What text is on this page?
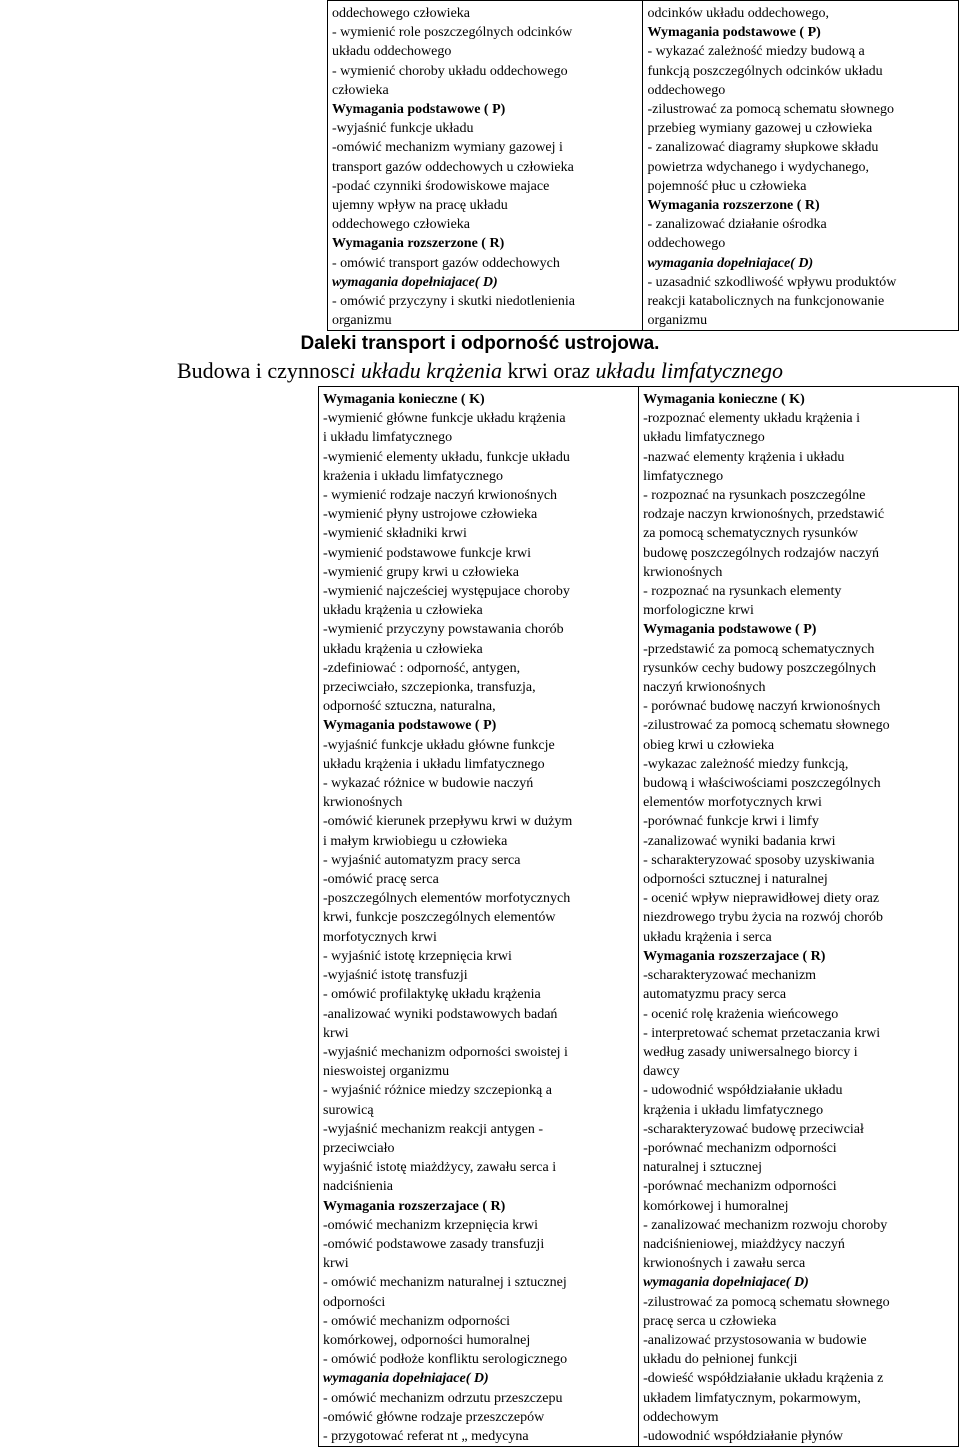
oddechowego człowieka
- wymienić role poszczególnych odcinków
układu oddechowego
- wymienić choroby układu oddechowego
człowieka
Wymagania podstawowe ( P)
-wyjaśnić funkcje układu
-omówić mechanizm wymiany gazowej i
transport gazów oddechowych u człowieka
-podać czynniki środowiskowe majace
ujemny wpływ na pracę układu
oddechowego człowieka
Wymagania rozszerzone ( R)
- omówić transport gazów oddechowych
wymagania dopełniajace( D)
- omówić przyczyny i skutki niedotlenienia
organizmu

odcinków układu oddechowego,
Wymagania podstawowe ( P)
- wykazać zależność miedzy budową a
funkcją poszczególnych odcinków układu
oddechowego
-zilustrować za pomocą schematu słownego
przebieg wymiany gazowej u człowieka
- zanalizować diagramy słupkowe składu
powietrza wdychanego i wydychanego,
pojemność płuc u człowieka
Wymagania rozszerzone ( R)
- zanalizować działanie ośrodka
oddechowego
wymagania dopełniajace( D)
- uzasadnić szkodliwość wpływu produktów
reakcji katabolicznych na funkcjonowanie
organizmu
Daleki transport i odporność ustrojowa.
Budowa i czynnosci układu krążenia krwi oraz układu limfatycznego
Wymagania konieczne ( K)
-wymienić główne funkcje układu krążenia
i układu limfatycznego
-wymienić elementy układu, funkcje układu
krażenia i układu limfatycznego
- wymienić rodzaje naczyń krwionośnych
-wymienić płyny ustrojowe człowieka
-wymienić składniki krwi
-wymienić podstawowe funkcje krwi
-wymienić grupy krwi u człowieka
-wymienić najcześciej występujace choroby
układu krążenia u człowieka
-wymienić przyczyny powstawania chorób
układu krążenia u człowieka
-zdefiniować : odporność, antygen,
przeciwciało, szczepionka, transfuzja,
odporność sztuczna, naturalna,
Wymagania podstawowe ( P)
-wyjaśnić funkcje układu główne funkcje
układu krążenia i układu limfatycznego
- wykazać różnice w budowie naczyń
krwionośnych
-omówić kierunek przepływu krwi w dużym
i małym krwiobiegu u człowieka
- wyjaśnić automatyzm pracy serca
-omówić pracę serca
-poszczególnych elementów morfotycznych
krwi, funkcje poszczególnych elementów
morfotycznych krwi
- wyjaśnić istotę krzepnięcia krwi
-wyjaśnić istotę transfuzji
- omówić profilaktykę układu krążenia
-analizować wyniki podstawowych badań
krwi
-wyjaśnić mechanizm odporności swoistej i
nieswoistej organizmu
- wyjaśnić różnice miedzy szczepionką a
surowicą
-wyjaśnić mechanizm reakcji antygen -
przeciwciało
wyjaśnić istotę miażdżycy, zawału serca i
nadciśnienia
Wymagania rozszerzajace ( R)
-omówić mechanizm krzepnięcia krwi
-omówić podstawowe zasady transfuzji
krwi
- omówić mechanizm naturalnej i sztucznej
odporności
- omówić mechanizm odporności
komórkowej, odporności humoralnej
- omówić podłoże konfliktu serologicznego
wymagania dopełniajace( D)
- omówić mechanizm odrzutu przeszczepu
-omówić główne rodzaje przeszczepów
- przygotować referat nt „ medycyna

Wymagania konieczne ( K)
-rozpoznać elementy układu krążenia i
układu limfatycznego
-nazwać elementy krążenia i układu
limfatycznego
- rozpoznać na rysunkach poszczególne
rodzaje naczyn krwionośnych, przedstawić
za pomocą schematycznych rysunków
budowę poszczególnych rodzajów naczyń
krwionośnych
- rozpoznać na rysunkach elementy
morfologiczne krwi
Wymagania podstawowe ( P)
-przedstawić za pomocą schematycznych
rysunków cechy budowy poszczególnych
naczyń krwionośnych
- porównać budowę naczyń krwionośnych
-zilustrować za pomocą schematu słownego
obieg krwi u człowieka
-wykazac zależność miedzy funkcją,
budową i właściwościami poszczególnych
elementów morfotycznych krwi
-porównać funkcje krwi i limfy
-zanalizować wyniki badania krwi
- scharakteryzować sposoby uzyskiwania
odporności sztucznej i naturalnej
- ocenić wpływ nieprawidłowej diety oraz
niezdrowego trybu życia na rozwój chorób
układu krążenia i serca
Wymagania rozszerzajace ( R)
-scharakteryzować mechanizm
automatyzmu pracy serca
- ocenić rolę krażenia wieńcowego
- interpretować schemat przetaczania krwi
według zasady uniwersalnego biorcy i
dawcy
- udowodnić współdziałanie układu
krążenia i układu limfatycznego
-scharakteryzować budowę przeciwciał
-porównać mechanizm odporności
naturalnej i sztucznej
-porównać mechanizm odporności
komórkowej i humoralnej
- zanalizować mechanizm rozwoju choroby
nadciśnieniowej, miażdżycy naczyń
krwionośnych i zawału serca
wymagania dopełniajace( D)
-zilustrować za pomocą schematu słownego
pracę serca u człowieka
-analizować przystosowania w budowie
układu do pełnionej funkcji
-dowieść współdziałanie układu krążenia z
układem limfatycznym, pokarmowym,
oddechowym
-udowodnić współdziałanie płynów
